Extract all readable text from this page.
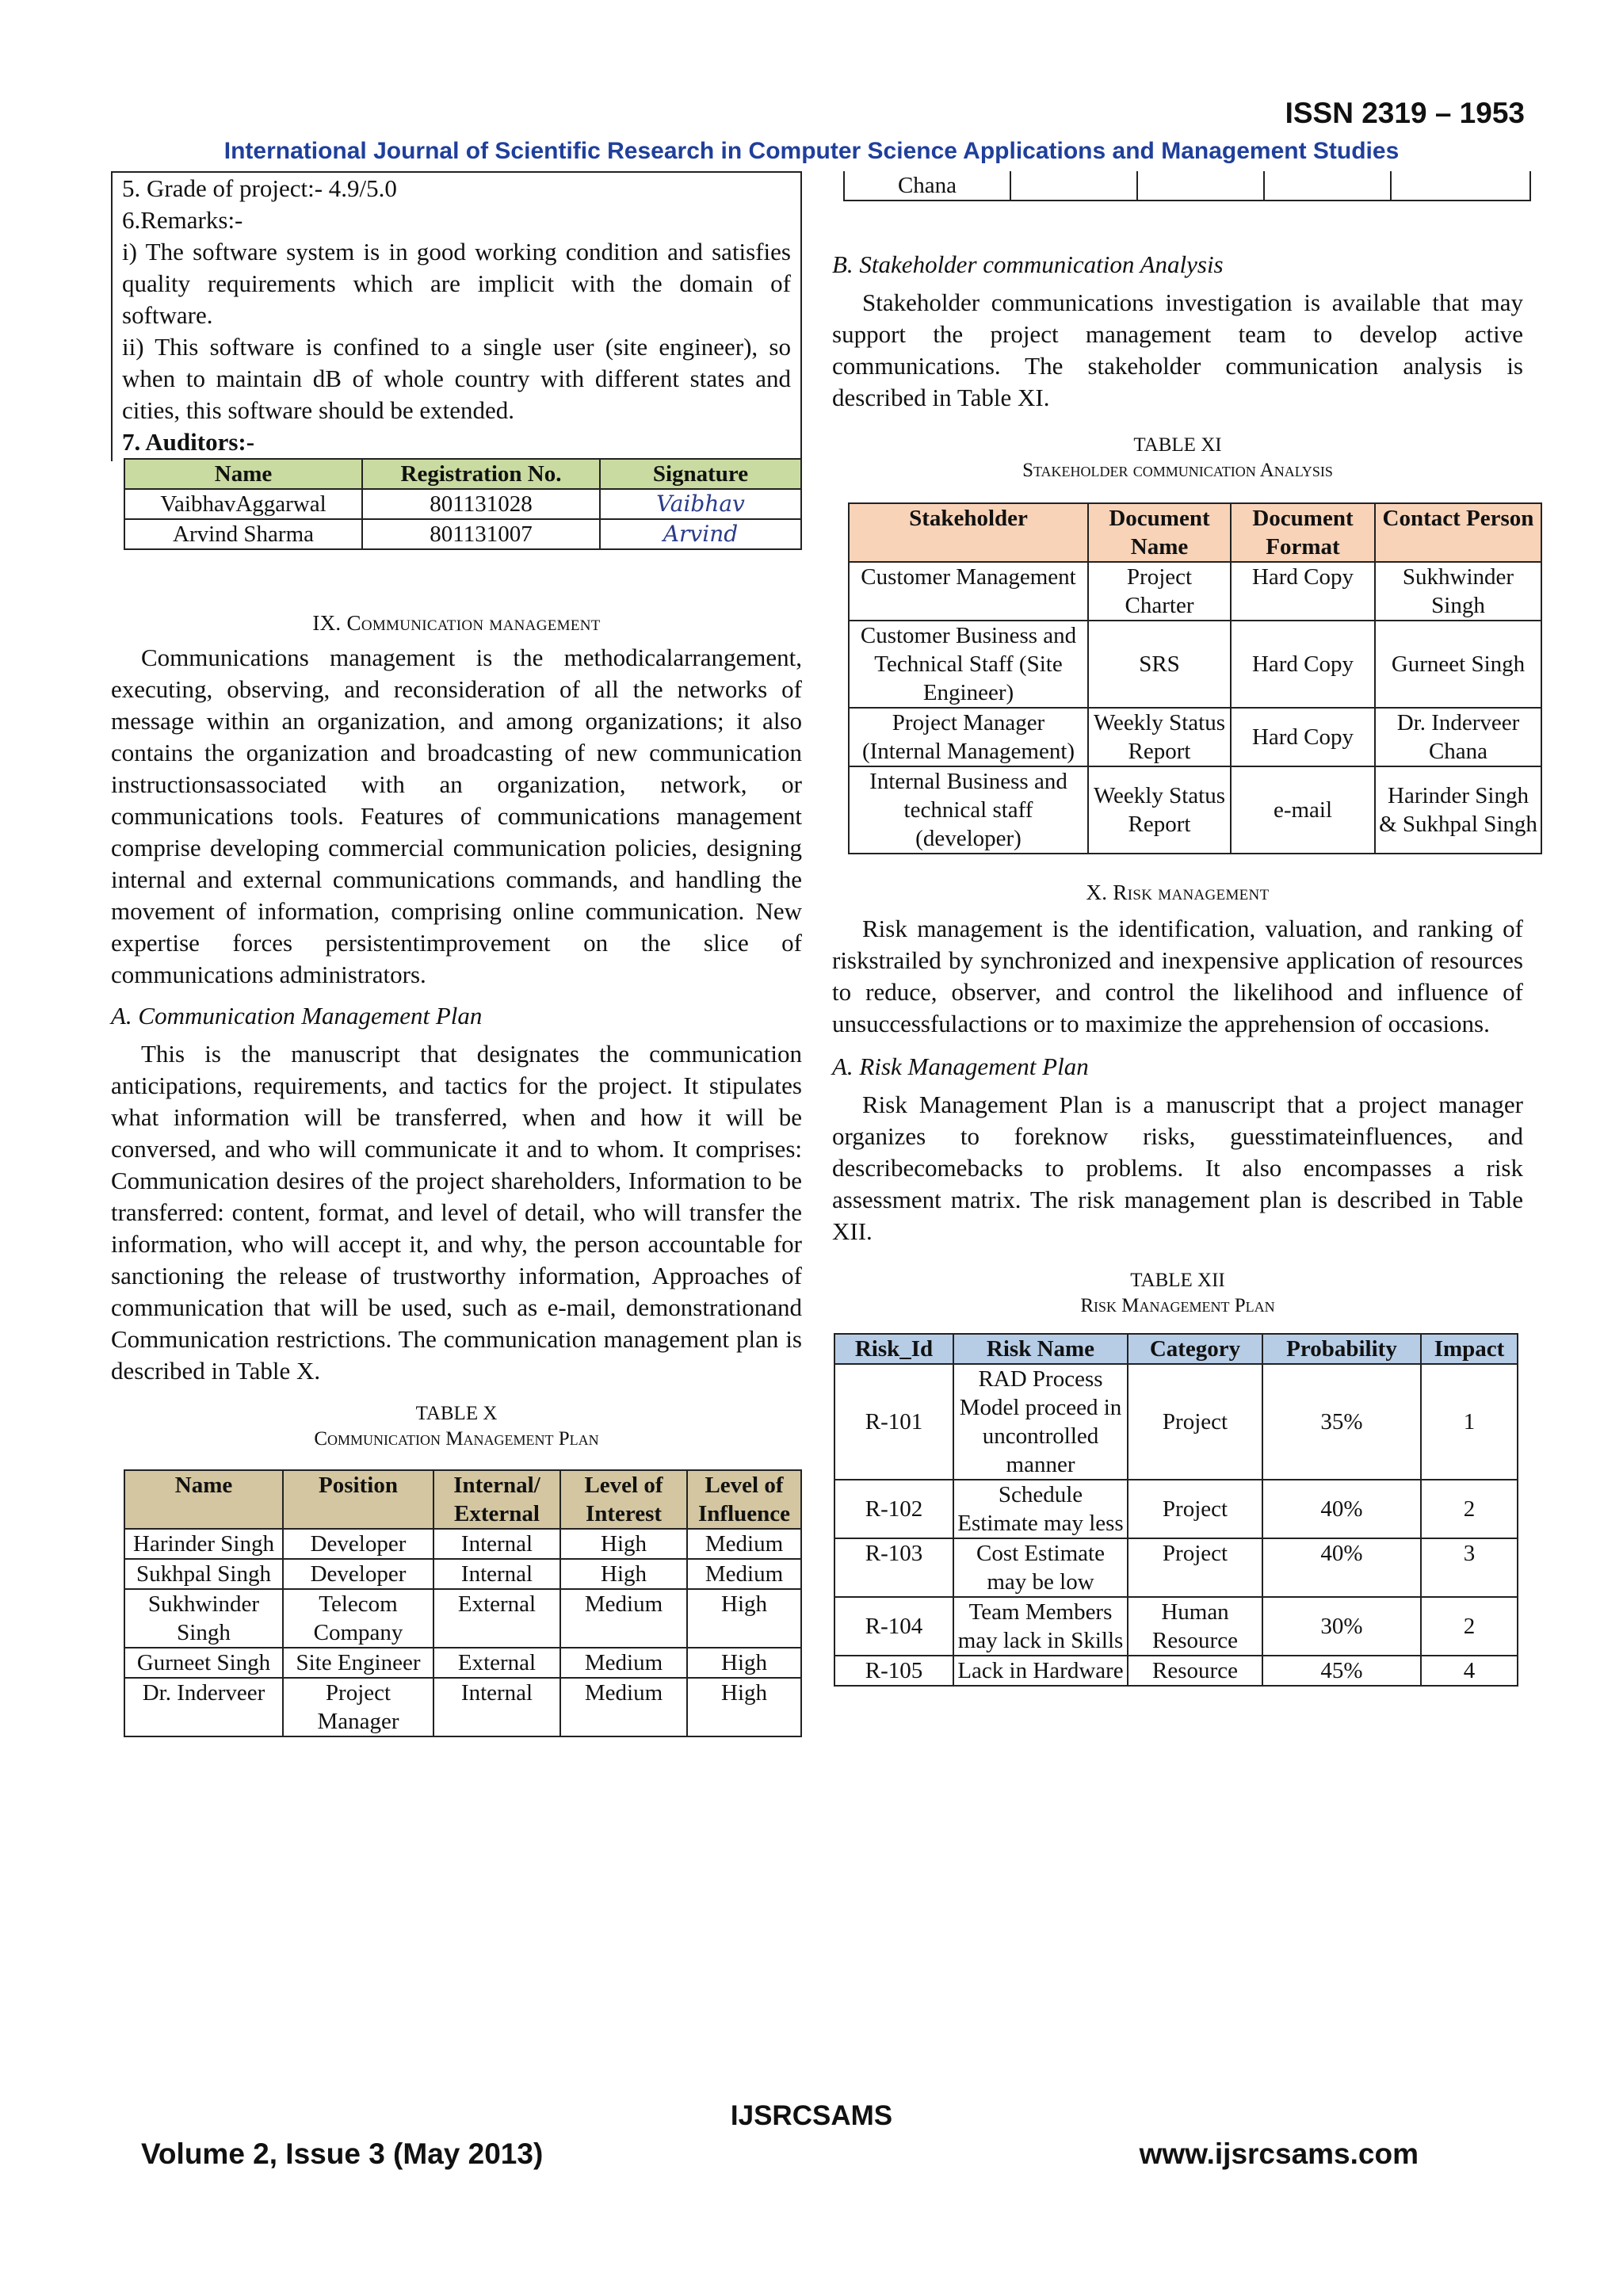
ISSN 2319 – 1953
International Journal of Scientific Research in Computer Science Applications and Management Studies
5. Grade of project:- 4.9/5.0
6.Remarks:-

i) The software system is in good working condition and satisfies quality requirements which are implicit with the domain of software.

ii) This software is confined to a single user (site engineer), so when to maintain dB of whole country with different states and cities, this software should be extended.

7. Auditors:-
Name	Registration No.	Signature
VaibhavAggarwal	801131028	Vaibhav
Arvind Sharma	801131007	Arvind

IX. Communication management

Communications management is the methodicalarrangement, executing, observing, and reconsideration of all the networks of message within an organization, and among organizations; it also contains the organization and broadcasting of new communication instructionsassociated with an organization, network, or communications tools. Features of communications management comprise developing commercial communication policies, designing internal and external communications commands, and handling the movement of information, comprising online communication. New expertise forces persistentimprovement on the slice of communications administrators.

A. Communication Management Plan

This is the manuscript that designates the communication anticipations, requirements, and tactics for the project. It stipulates what information will be transferred, when and how it will be conversed, and who will communicate it and to whom. It comprises: Communication desires of the project shareholders, Information to be transferred: content, format, and level of detail, who will transfer the information, who will accept it, and why, the person accountable for sanctioning the release of trustworthy information, Approaches of communication that will be used, such as e-mail, demonstrationand Communication restrictions. The communication management plan is described in Table X.

TABLE X

Communication Management Plan

Name	Position	Internal/ External	Level of Interest	Level of Influence
Harinder Singh	Developer	Internal	High	Medium
Sukhpal Singh	Developer	Internal	High	Medium
Sukhwinder Singh	Telecom Company	External	Medium	High
Gurneet Singh	Site Engineer	External	Medium	High
Dr. Inderveer	Project Manager	Internal	Medium	High
Chana				

B. Stakeholder communication Analysis

Stakeholder communications investigation is available that may support the project management team to develop active communications. The stakeholder communication analysis is described in Table XI.

TABLE XI

Stakeholder communication Analysis

Stakeholder	Document Name	Document Format	Contact Person
Customer Management	Project Charter	Hard Copy	Sukhwinder Singh
Customer Business and Technical Staff (Site Engineer)	SRS	Hard Copy	Gurneet Singh
Project Manager (Internal Management)	Weekly Status Report	Hard Copy	Dr. Inderveer Chana
Internal Business and technical staff (developer)	Weekly Status Report	e-mail	Harinder Singh & Sukhpal Singh

X. Risk management

Risk management is the identification, valuation, and ranking of riskstrailed by synchronized and inexpensive application of resources to reduce, observer, and control the likelihood and influence of unsuccessfulactions or to maximize the apprehension of occasions.

A. Risk Management Plan

Risk Management Plan is a manuscript that a project manager organizes to foreknow risks, guesstimateinfluences, and describecomebacks to problems. It also encompasses a risk assessment matrix. The risk management plan is described in Table XII.

TABLE XII

Risk Management Plan

Risk_Id	Risk Name	Category	Probability	Impact
R-101	RAD Process Model proceed in uncontrolled manner	Project	35%	1
R-102	Schedule Estimate may less	Project	40%	2
R-103	Cost Estimate may be low	Project	40%	3
R-104	Team Members may lack in Skills	Human Resource	30%	2
R-105	Lack in Hardware	Resource	45%	4
IJSRCSAMS
Volume 2, Issue 3 (May 2013)	www.ijsrcsams.com
